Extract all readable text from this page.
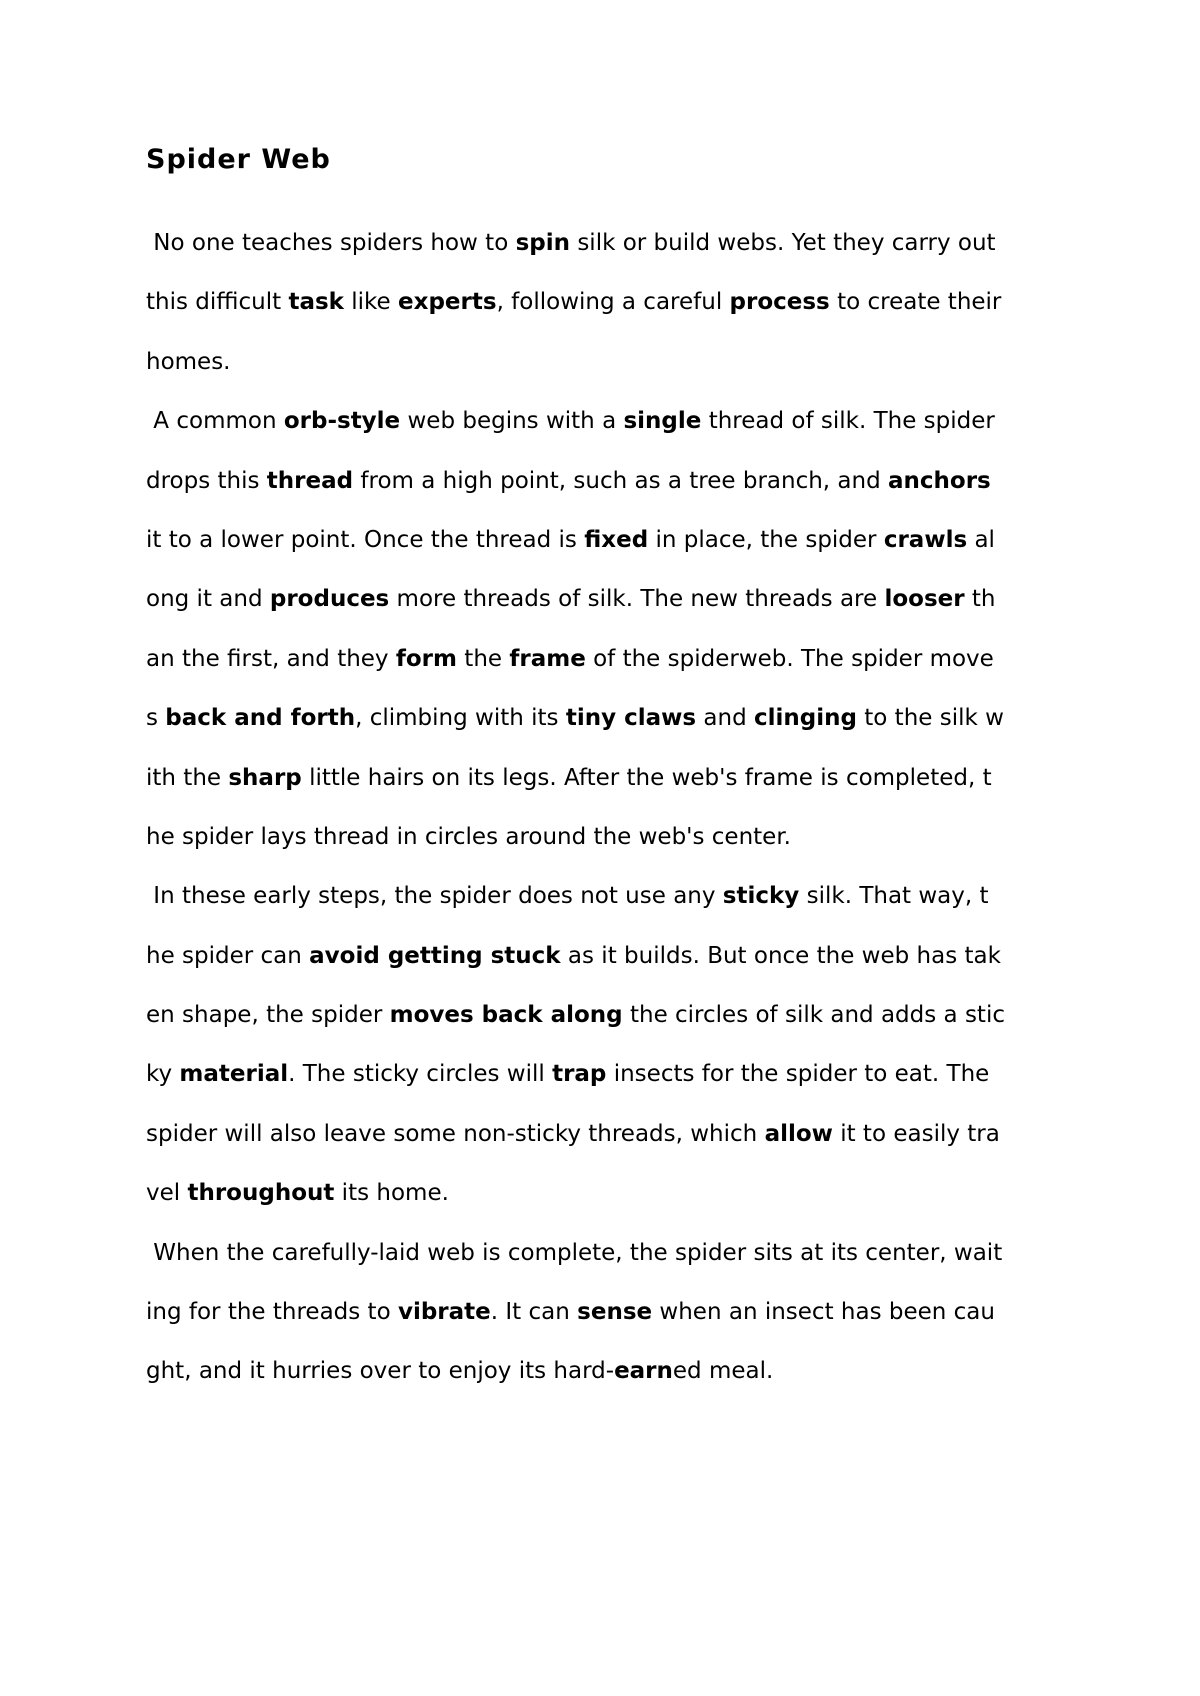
Spider Web

No one teaches spiders how to spin silk or build webs. Yet they carry out

this difficult task like experts, following a careful process to create their

homes.

A common orb-style web begins with a single thread of silk. The spider

drops this thread from a high point, such as a tree branch, and anchors

it to a lower point. Once the thread is fixed in place, the spider crawls al

ong it and produces more threads of silk. The new threads are looser th

an the first, and they form the frame of the spiderweb. The spider move

s back and forth, climbing with its tiny claws and clinging to the silk w

ith the sharp little hairs on its legs. After the web's frame is completed, t

he spider lays thread in circles around the web's center.

In these early steps, the spider does not use any sticky silk. That way, t

he spider can avoid getting stuck as it builds. But once the web has tak

en shape, the spider moves back along the circles of silk and adds a stic

ky material. The sticky circles will trap insects for the spider to eat. The

spider will also leave some non-sticky threads, which allow it to easily tra

vel throughout its home.

When the carefully-laid web is complete, the spider sits at its center, wait

ing for the threads to vibrate. It can sense when an insect has been cau

ght, and it hurries over to enjoy its hard-earned meal.
